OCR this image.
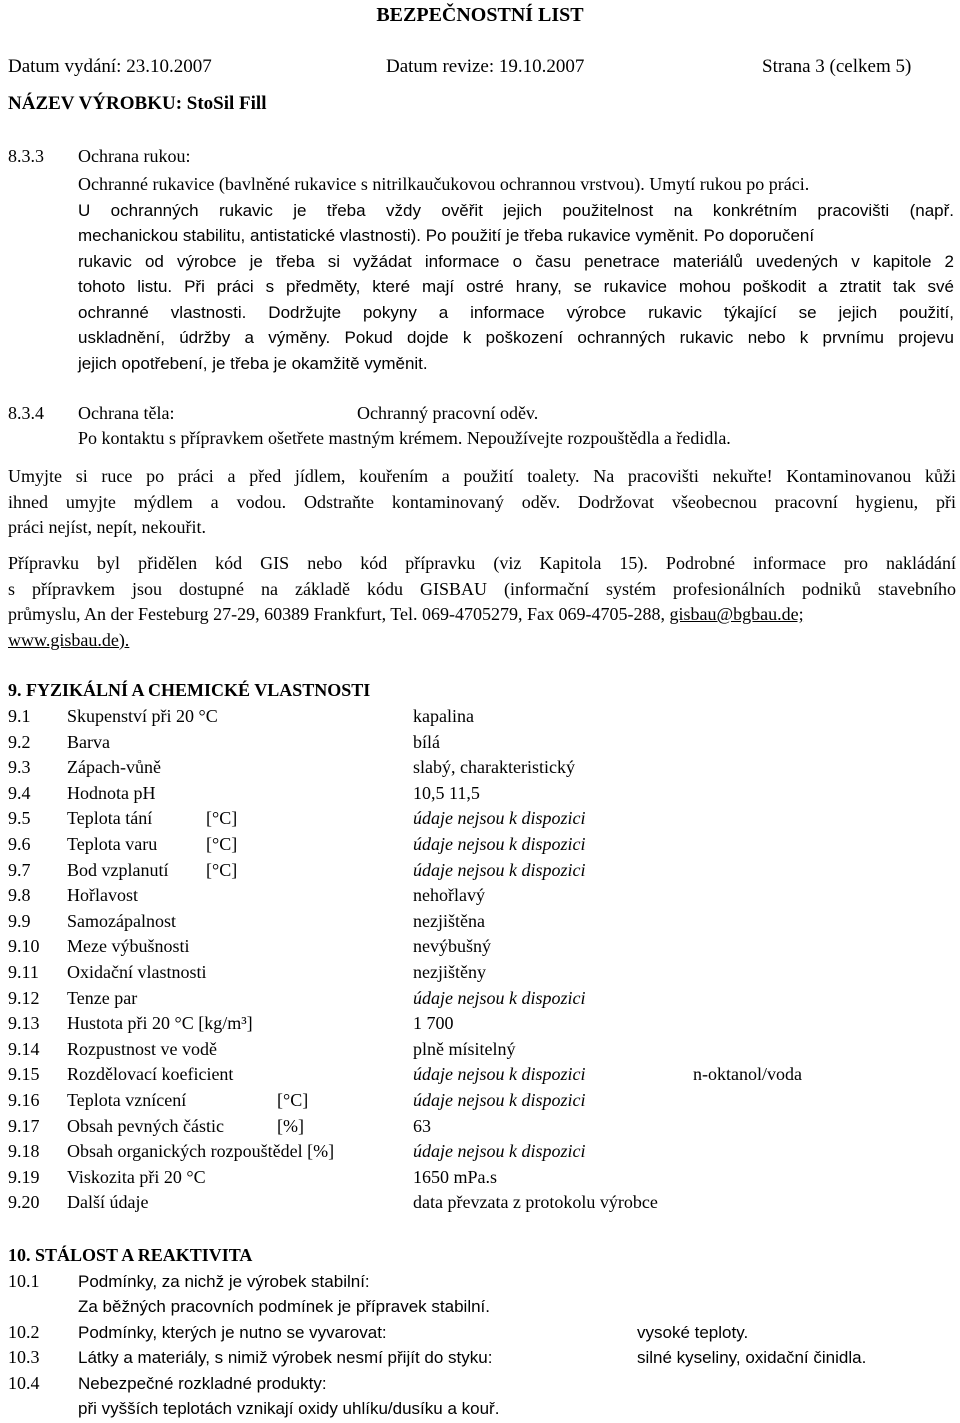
BEZPEČNOSTNÍ LIST
Datum vydání: 23.10.2007	Datum revize: 19.10.2007	Strana 3 (celkem 5)
NÁZEV VÝROBKU: StoSil Fill
8.3.3 Ochrana rukou:
Ochranné rukavice (bavlněné rukavice s nitrilkaučukovou ochrannou vrstvou). Umytí rukou po práci.
U ochranných rukavic je třeba vždy ověřit jejich použitelnost na konkrétním pracovišti (např.
mechanickou stabilitu, antistatické vlastnosti). Po použití je třeba rukavice vyměnit. Po doporučení
rukavic od výrobce je třeba si vyžádat informace o času penetrace materiálů uvedených v kapitole 2
tohoto listu. Při práci s předměty, které mají ostré hrany, se rukavice mohou poškodit a ztratit tak své
ochranné vlastnosti. Dodržujte pokyny a informace výrobce rukavic týkající se jejich použití,
uskladnění, údržby a výměny. Pokud dojde k poškození ochranných rukavic nebo k prvnímu projevu
jejich opotřebení, je třeba je okamžitě vyměnit.
8.3.4 Ochrana těla:	Ochranný pracovní oděv.
Po kontaktu s přípravkem ošetřete mastným krémem. Nepoužívejte rozpouštědla a ředidla.
Umyjte si ruce po práci a před jídlem, kouřením a použití toalety. Na pracovišti nekuřte! Kontaminovanou kůži
ihned umyjte mýdlem a vodou. Odstraňte kontaminovaný oděv. Dodržovat všeobecnou pracovní hygienu, při
práci nejíst, nepít, nekouřit.
Přípravku byl přidělen kód GIS nebo kód přípravku (viz Kapitola 15). Podrobné informace pro nakládání
s přípravkem jsou dostupné na základě kódu GISBAU (informační systém profesionálních podniků stavebního
průmyslu, An der Festeburg 27-29, 60389 Frankfurt, Tel. 069-4705279, Fax 069-4705-288, gisbau@bgbau.de;
www.gisbau.de).
9. FYZIKÁLNÍ A CHEMICKÉ VLASTNOSTI
9.1 Skupenství při 20 °C	kapalina
9.2 Barva	bílá
9.3 Zápach-vůně	slabý, charakteristický
9.4 Hodnota pH	10,5 11,5
9.5 Teplota tání	[°C]	údaje nejsou k dispozici
9.6 Teplota varu	[°C]	údaje nejsou k dispozici
9.7 Bod vzplanutí [°C]	údaje nejsou k dispozici
9.8 Hořlavost	nehořlavý
9.9 Samozápalnost	nezjištěna
9.10 Meze výbušnosti	nevýbušný
9.11 Oxidační vlastnosti	nezjištěny
9.12 Tenze par	údaje nejsou k dispozici
9.13 Hustota při 20 °C [kg/m³]	1 700
9.14 Rozpustnost ve vodě	plně mísitelný
9.15 Rozdělovací koeficient	údaje nejsou k dispozici	n-oktanol/voda
9.16 Teplota vznícení	[°C]	údaje nejsou k dispozici
9.17 Obsah pevných částic	[%]	63
9.18 Obsah organických rozpouštědel [%]	údaje nejsou k dispozici
9.19 Viskozita při 20 °C	1650 mPa.s
9.20 Další údaje	data převzata z protokolu výrobce
10. STÁLOST A REAKTIVITA
10.1 Podmínky, za nichž je výrobek stabilní:
Za běžných pracovních podmínek je přípravek stabilní.
10.2 Podmínky, kterých je nutno se vyvarovat:	vysoké teploty.
10.3 Látky a materiály, s nimiž výrobek nesmí přijít do styku:	silné kyseliny, oxidační činidla.
10.4 Nebezpečné rozkladné produkty:
při vyšších teplotách vznikají oxidy uhlíku/dusíku a kouř.
